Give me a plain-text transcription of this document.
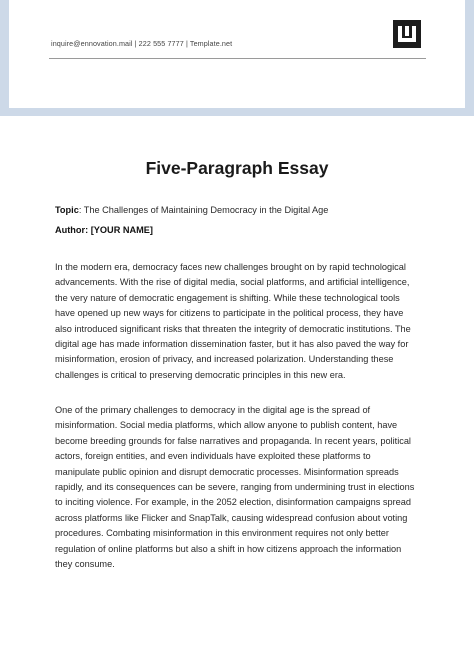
inquire@ennovation.mail | 222 555 7777 | Template.net
Five-Paragraph Essay
Topic: The Challenges of Maintaining Democracy in the Digital Age
Author: [YOUR NAME]
In the modern era, democracy faces new challenges brought on by rapid technological
advancements. With the rise of digital media, social platforms, and artificial intelligence,
the very nature of democratic engagement is shifting. While these technological tools
have opened up new ways for citizens to participate in the political process, they have
also introduced significant risks that threaten the integrity of democratic institutions. The
digital age has made information dissemination faster, but it has also paved the way for
misinformation, erosion of privacy, and increased polarization. Understanding these
challenges is critical to preserving democratic principles in this new era.
One of the primary challenges to democracy in the digital age is the spread of
misinformation. Social media platforms, which allow anyone to publish content, have
become breeding grounds for false narratives and propaganda. In recent years, political
actors, foreign entities, and even individuals have exploited these platforms to
manipulate public opinion and disrupt democratic processes. Misinformation spreads
rapidly, and its consequences can be severe, ranging from undermining trust in elections
to inciting violence. For example, in the 2052 election, disinformation campaigns spread
across platforms like Flicker and SnapTalk, causing widespread confusion about voting
procedures. Combating misinformation in this environment requires not only better
regulation of online platforms but also a shift in how citizens approach the information
they consume.
